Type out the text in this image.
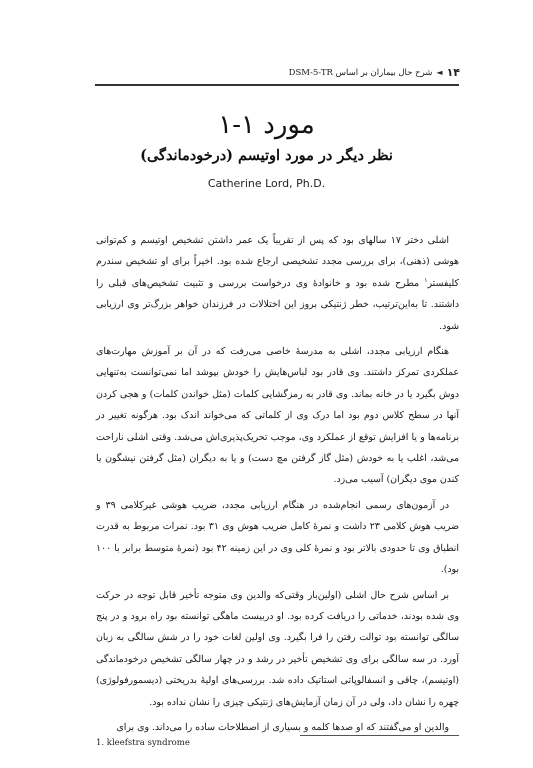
۱۴
◄
شرح حال بیماران بر اساس DSM-5-TR
مورد ۱-۱
نظر دیگر در مورد اوتیسم (درخودماندگی)
Catherine Lord, Ph.D.

اشلی دختر ۱۷ سالهای بود که پس از تقریباً یک عمر داشتن تشخیص اوتیسم و کم‌توانی هوشی (ذهنی)، برای بررسی مجدد تشخیصی ارجاع شده بود. اخیراً برای او تشخیص سندرم کلیفستر$^۱$ مطرح شده بود و خانوادهٔ وی درخواست بررسی و تثبیت تشخیص‌های قبلی را داشتند. تا به‌این‌ترتیب، خطر ژنتیکی بروز این اختلالات در فرزندان خواهر بزرگ‌تر وی ارزیابی شود.

هنگام ارزیابی مجدد، اشلی به مدرسهٔ خاصی می‌رفت که در آن بر آموزش مهارت‌های عملکردی تمرکز داشتند. وی قادر بود لباس‌هایش را خودش بپوشد اما نمی‌توانست به‌تنهایی دوش بگیرد یا در خانه بماند. وی قادر به رمزگشایی کلمات (مثل خواندن کلمات) و هجی کردن آنها در سطح کلاس دوم بود اما درک وی از کلماتی که می‌خواند اندک بود. هرگونه تغییر در برنامه‌ها و یا افزایش توقع از عملکرد وی، موجب تحریک‌پذیری‌اش می‌شد. وقتی اشلی ناراحت می‌شد، اغلب یا به خودش (مثل گاز گرفتن مچ دست) و یا به دیگران (مثل گرفتن نیشگون یا کندن موی دیگران) آسیب می‌زد.

در آزمون‌های رسمی انجام‌شده در هنگام ارزیابی مجدد، ضریب هوشی غیرکلامی ۳۹ و ضریب هوش کلامی ۲۳ داشت و نمرهٔ کامل ضریب هوش وی ۳۱ بود. نمرات مربوط به قدرت انطباق وی تا حدودی بالاتر بود و نمرهٔ کلی وی در این زمینه ۴۲ بود (نمرهٔ متوسط برابر با ۱۰۰ بود).

بر اساس شرح حال اشلی (اولین‌بار وقتی‌که والدین وی متوجه تأخیر قابل توجه در حرکت وی شده بودند، خدماتی را دریافت کرده بود. او دربیست ماهگی توانسته بود راه برود و در پنج سالگی توانسته بود توالت رفتن را فرا بگیرد. وی اولین لغات خود را در شش سالگی به زبان آورد. در سه سالگی برای وی تشخیص تأخیر در رشد و در چهار سالگی تشخیص درخودماندگی (اوتیسم)، چاقی و انسفالوپاتی استاتیک داده شد. بررسی‌های اولیهٔ بدریختی (دیسمورفولوژی) چهره را نشان داد، ولی در آن زمان آزمایش‌های ژنتیکی چیزی را نشان نداده بود.

والدین او می‌گفتند که او صدها کلمه و بسیاری از اصطلاحات ساده را می‌داند. وی برای

1. kleefstra syndrome
